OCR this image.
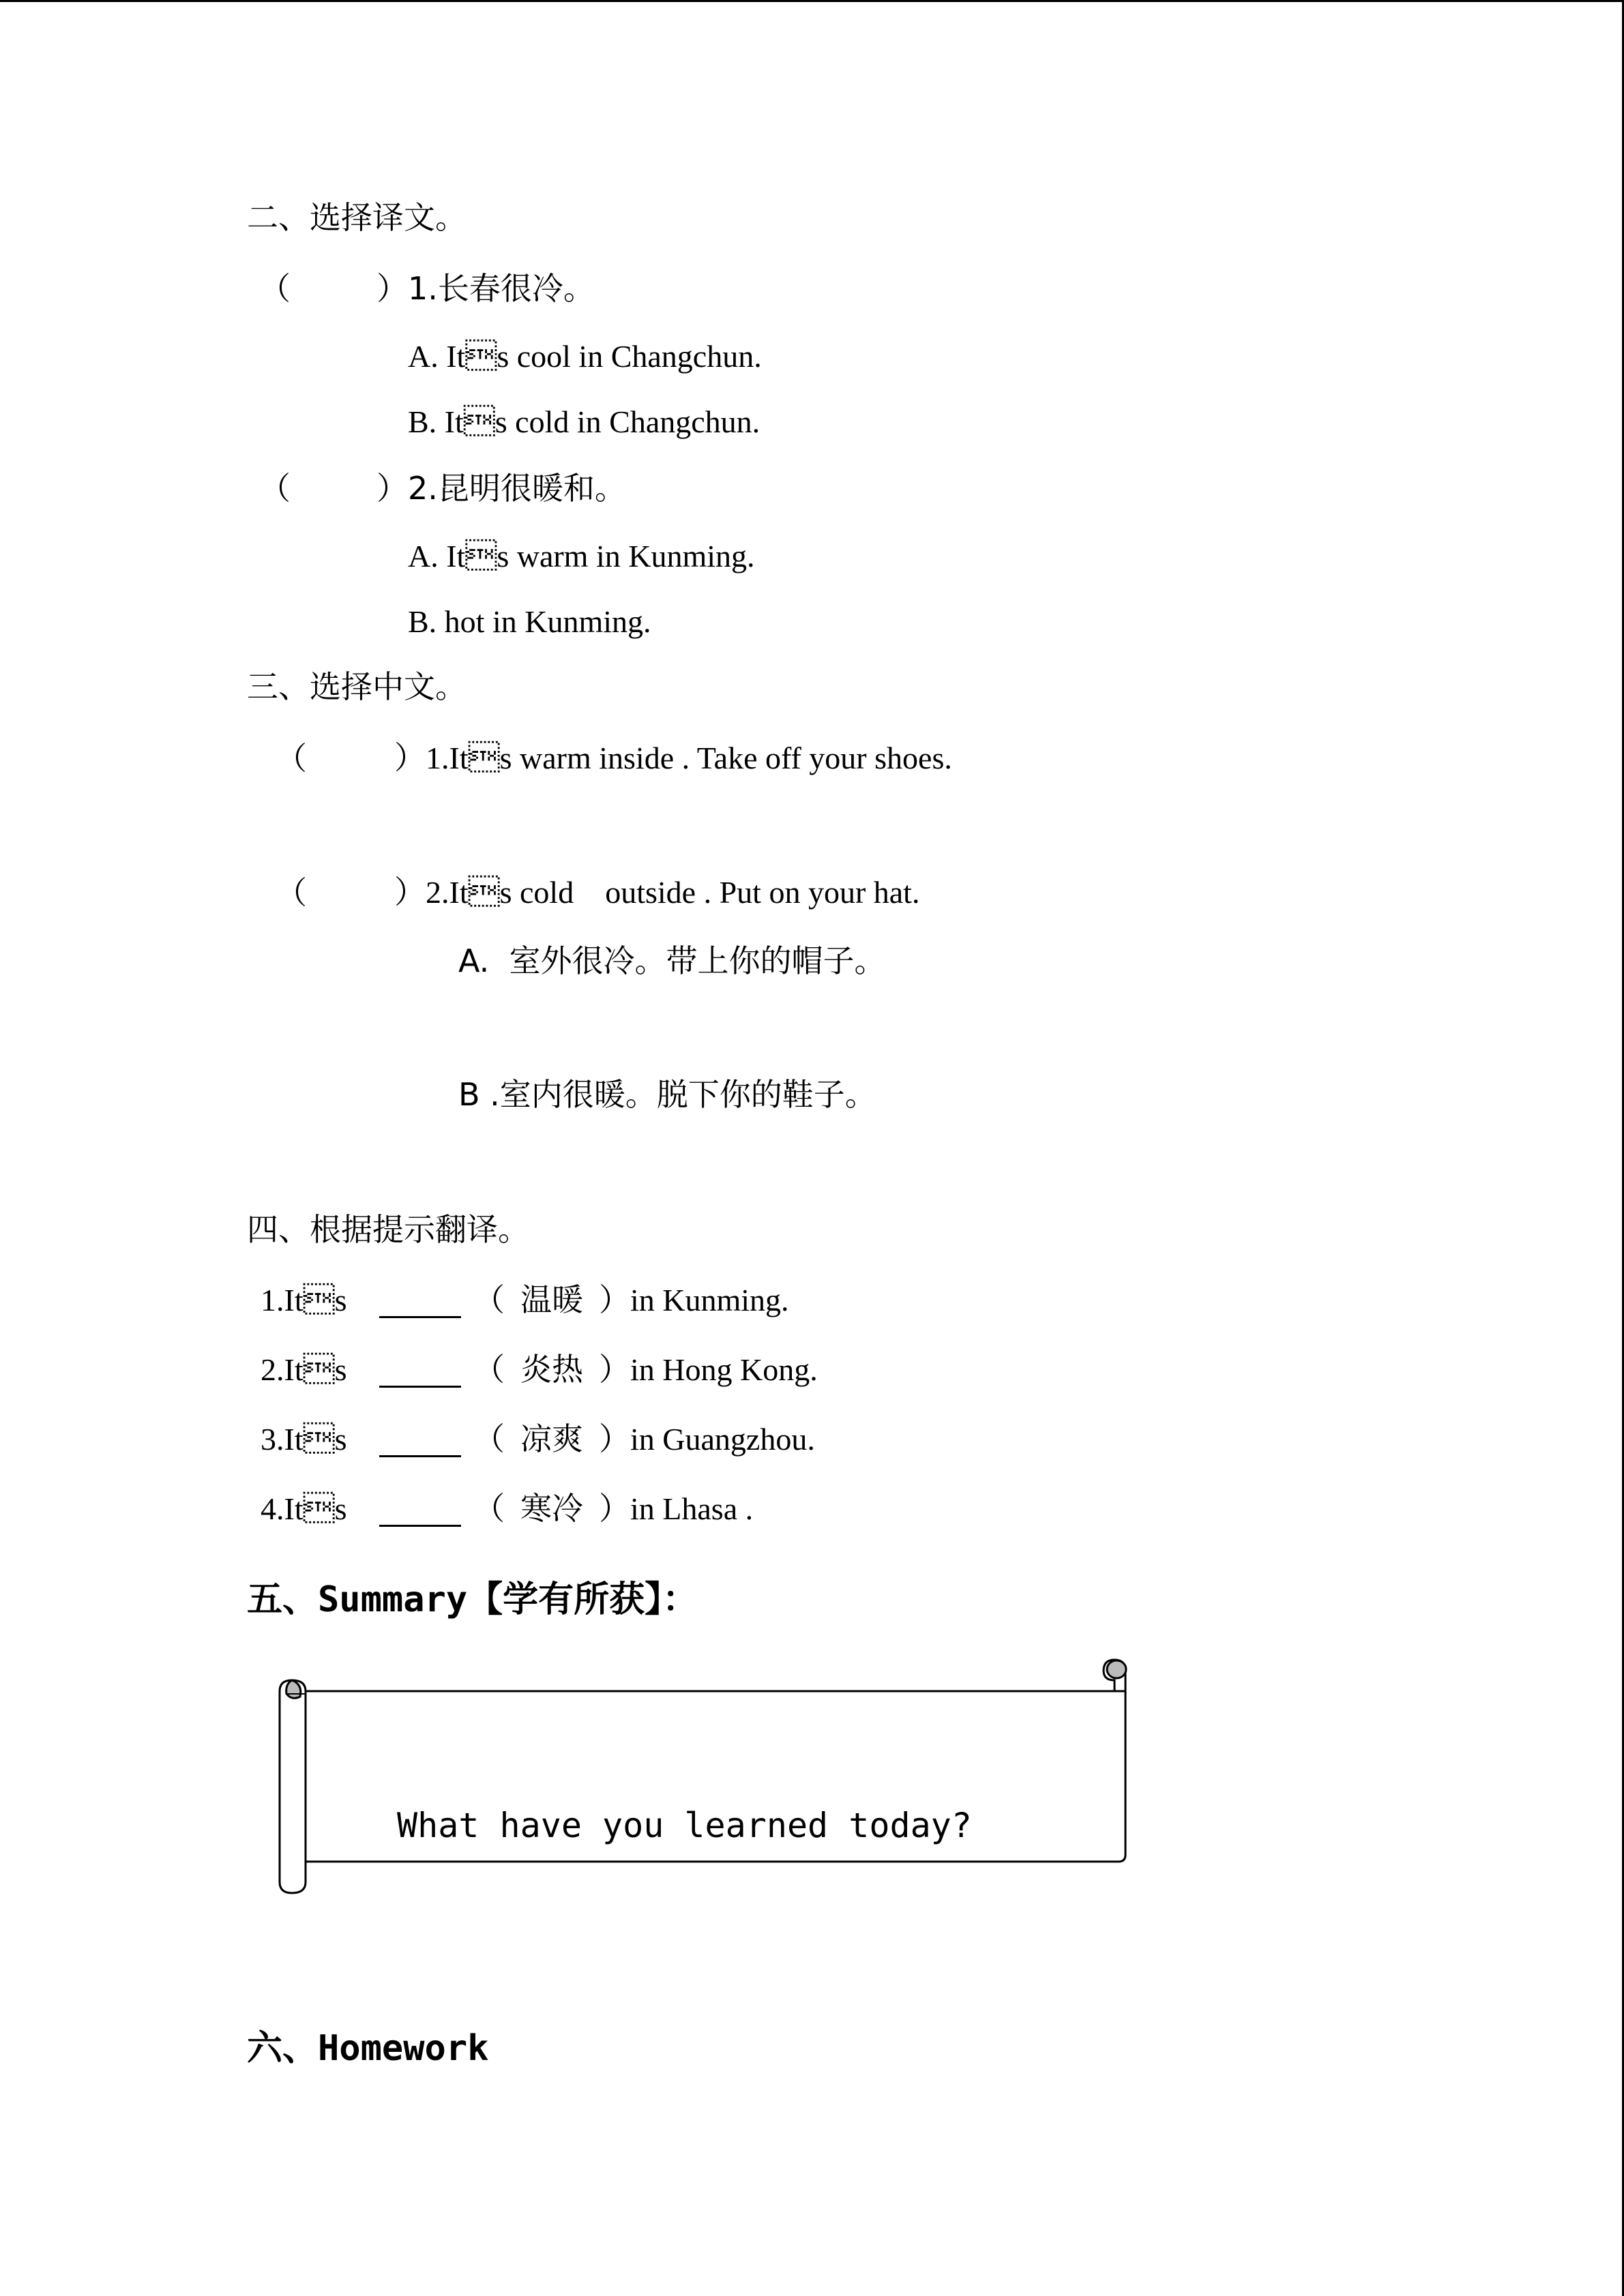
二、选择译文。
（	）1.长春很冷。
A. Its cool in Changchun.
B. Its cold in Changchun.
（	）2.昆明很暖和。
A. Its warm in Kunming.
B. hot in Kunming.
三、选择中文。
（	）1.Its warm inside . Take off your shoes.
（	）2.Its cold    outside . Put on your hat.
A.  室外很冷。带上你的帽子。
B .室内很暖。脱下你的鞋子。
四、根据提示翻译。
1.Its	（  温暖  ）in Kunming.
2.Its	（  炎热  ）in Hong Kong.
3.Its	（  凉爽  ）in Guangzhou.
4.Its	（  寒冷  ）in Lhasa .
五、Summary【学有所获】：
What have you learned today?
六、Homework
